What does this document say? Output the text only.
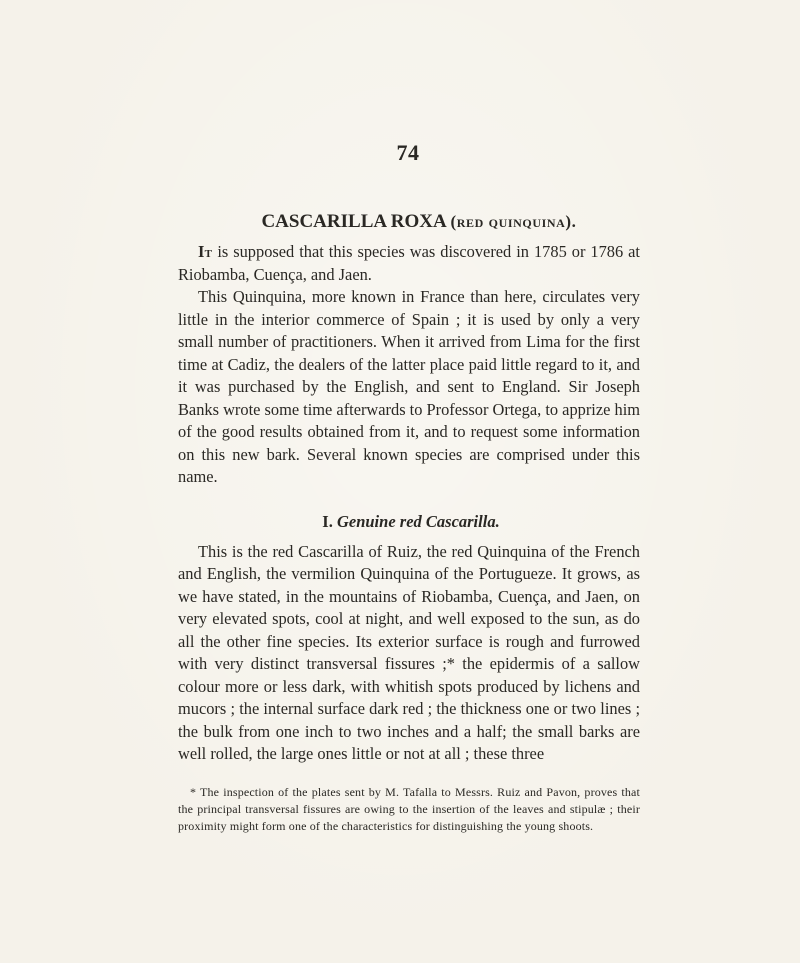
74
CASCARILLA ROXA (red quinquina).

It is supposed that this species was discovered in 1785 or 1786 at Riobamba, Cuença, and Jaen.

This Quinquina, more known in France than here, circulates very little in the interior commerce of Spain ; it is used by only a very small number of practitioners. When it arrived from Lima for the first time at Cadiz, the dealers of the latter place paid little regard to it, and it was purchased by the English, and sent to England. Sir Joseph Banks wrote some time afterwards to Professor Ortega, to apprize him of the good results obtained from it, and to request some information on this new bark. Several known species are comprised under this name.

I. Genuine red Cascarilla.

This is the red Cascarilla of Ruiz, the red Quinquina of the French and English, the vermilion Quinquina of the Portugueze. It grows, as we have stated, in the mountains of Riobamba, Cuença, and Jaen, on very elevated spots, cool at night, and well exposed to the sun, as do all the other fine species. Its exterior surface is rough and furrowed with very distinct transversal fissures ;* the epidermis of a sallow colour more or less dark, with whitish spots produced by lichens and mucors ; the internal surface dark red ; the thickness one or two lines ; the bulk from one inch to two inches and a half; the small barks are well rolled, the large ones little or not at all ; these three

* The inspection of the plates sent by M. Tafalla to Messrs. Ruiz and Pavon, proves that the principal transversal fissures are owing to the insertion of the leaves and stipulæ ; their proximity might form one of the characteristics for distinguishing the young shoots.
